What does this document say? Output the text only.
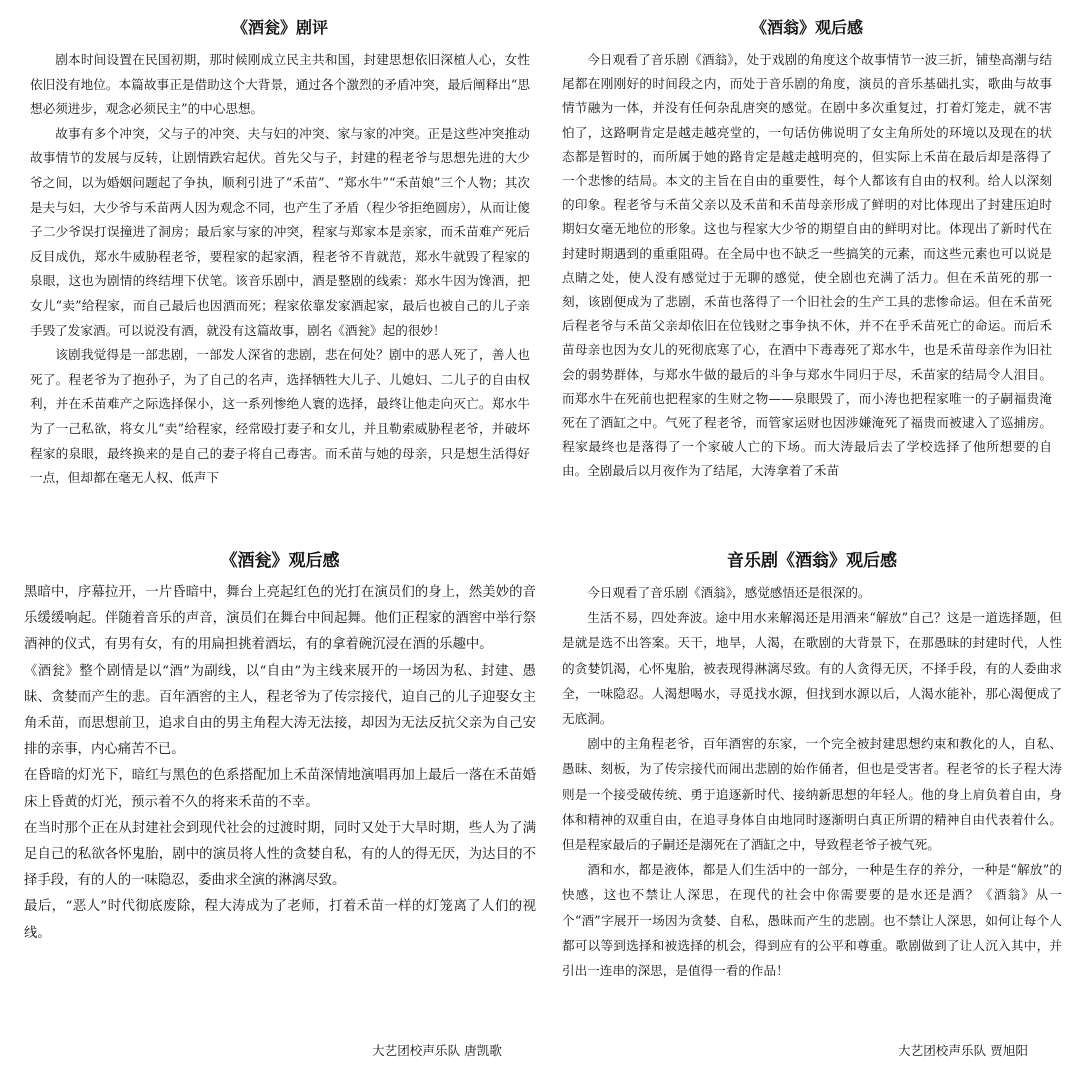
《酒瓮》剧评

剧本时间设置在民国初期，那时候刚成立民主共和国，封建思想依旧深植人心，女性依旧没有地位。本篇故事正是借助这个大背景，通过各个激烈的矛盾冲突，最后阐释出“思想必须进步，观念必须民主”的中心思想。

故事有多个冲突，父与子的冲突、夫与妇的冲突、家与家的冲突。正是这些冲突推动故事情节的发展与反转，让剧情跌宕起伏。首先父与子，封建的程老爷与思想先进的大少爷之间，以为婚姻问题起了争执，顺利引进了“禾苗”、“郑水牛”“禾苗娘”三个人物；其次是夫与妇，大少爷与禾苗两人因为观念不同，也产生了矛盾（程少爷拒绝圆房），从而让傻子二少爷误打误撞进了洞房；最后家与家的冲突，程家与郑家本是亲家，而禾苗难产死后反目成仇，郑水牛威胁程老爷，要程家的起家酒，程老爷不肯就范，郑水牛就毁了程家的泉眼，这也为剧情的终结埋下伏笔。该音乐剧中，酒是整剧的线索：郑水牛因为馋酒，把女儿“卖”给程家，而自己最后也因酒而死；程家依靠发家酒起家，最后也被自己的儿子亲手毁了发家酒。可以说没有酒，就没有这篇故事，剧名《酒瓮》起的很妙！

该剧我觉得是一部悲剧，一部发人深省的悲剧，悲在何处？剧中的恶人死了，善人也死了。程老爷为了抱孙子，为了自己的名声，选择牺牲大儿子、儿媳妇、二儿子的自由权利，并在禾苗难产之际选择保小，这一系列惨绝人寰的选择，最终让他走向灭亡。郑水牛为了一己私欲，将女儿“卖”给程家，经常殴打妻子和女儿，并且勒索威胁程老爷，并破坏程家的泉眼，最终换来的是自己的妻子将自己毒害。而禾苗与她的母亲，只是想生活得好一点，但却都在毫无人权、低声下

《酒翁》观后感

今日观看了音乐剧《酒翁》，处于戏剧的角度这个故事情节一波三折，铺垫高潮与结尾都在刚刚好的时间段之内，而处于音乐剧的角度，演员的音乐基础扎实，歌曲与故事情节融为一体，并没有任何杂乱唐突的感觉。在剧中多次重复过，打着灯笼走，就不害怕了，这路啊肯定是越走越亮堂的，一句话仿佛说明了女主角所处的环境以及现在的状态都是暂时的，而所属于她的路肯定是越走越明亮的，但实际上禾苗在最后却是落得了一个悲惨的结局。本文的主旨在自由的重要性，每个人都该有自由的权利。给人以深刻的印象。程老爷与禾苗父亲以及禾苗和禾苗母亲形成了鲜明的对比体现出了封建压迫时期妇女毫无地位的形象。这也与程家大少爷的期望自由的鲜明对比。体现出了新时代在封建时期遇到的重重阻碍。在全局中也不缺乏一些搞笑的元素，而这些元素也可以说是点睛之处，使人没有感觉过于无聊的感觉，使全剧也充满了活力。但在禾苗死的那一刻，该剧便成为了悲剧，禾苗也落得了一个旧社会的生产工具的悲惨命运。但在禾苗死后程老爷与禾苗父亲却依旧在位钱财之事争执不休，并不在乎禾苗死亡的命运。而后禾苗母亲也因为女儿的死彻底寒了心，在酒中下毒毒死了郑水牛，也是禾苗母亲作为旧社会的弱势群体，与郑水牛做的最后的斗争与郑水牛同归于尽，禾苗家的结局令人泪目。而郑水牛在死前也把程家的生财之物——泉眼毁了，而小涛也把程家唯一的子嗣福贵淹死在了酒缸之中。气死了程老爷，而管家运财也因涉嫌淹死了福贵而被逮入了巡捕房。程家最终也是落得了一个家破人亡的下场。而大涛最后去了学校选择了他所想要的自由。全剧最后以月夜作为了结尾，大涛拿着了禾苗

《酒瓮》观后感

黑暗中，序幕拉开，一片昏暗中，舞台上亮起红色的光打在演员们的身上，然美妙的音乐缓缓响起。伴随着音乐的声音，演员们在舞台中间起舞。他们正程家的酒窖中举行祭酒神的仪式，有男有女，有的用扁担挑着酒坛，有的拿着碗沉浸在酒的乐趣中。

《酒瓮》整个剧情是以“酒”为副线，以“自由”为主线来展开的一场因为私、封建、愚昧、贪婪而产生的悲。百年酒窖的主人，程老爷为了传宗接代，迫自己的儿子迎娶女主角禾苗，而思想前卫，追求自由的男主角程大涛无法接，却因为无法反抗父亲为自己安排的亲事，内心痛苦不已。

在昏暗的灯光下，暗红与黑色的色系搭配加上禾苗深情地演唱再加上最后一落在禾苗婚床上昏黄的灯光，预示着不久的将来禾苗的不幸。

在当时那个正在从封建社会到现代社会的过渡时期，同时又处于大旱时期，些人为了满足自己的私欲各怀鬼胎，剧中的演员将人性的贪婪自私，有的人的得无厌，为达目的不择手段，有的人的一味隐忍，委曲求全演的淋漓尽致。

最后，“恶人”时代彻底废除，程大涛成为了老师，打着禾苗一样的灯笼离了人们的视线。

大艺团校声乐队 唐凯歌
音乐剧《酒翁》观后感

今日观看了音乐剧《酒翁》，感觉感悟还是很深的。

生活不易，四处奔波。途中用水来解渴还是用酒来“解放”自己？这是一道选择题，但是就是选不出答案。天干，地旱，人渴，在歌剧的大背景下，在那愚昧的封建时代，人性的贪婪饥渴，心怀鬼胎，被表现得淋漓尽致。有的人贪得无厌，不择手段，有的人委曲求全，一味隐忍。人渴想喝水，寻觅找水源，但找到水源以后，人渴水能补，那心渴便成了无底洞。

剧中的主角程老爷，百年酒窖的东家，一个完全被封建思想约束和教化的人，自私、愚昧、刻板，为了传宗接代而闹出悲剧的始作俑者，但也是受害者。程老爷的长子程大涛则是一个接受破传统、勇于追逐新时代、接纳新思想的年轻人。他的身上肩负着自由，身体和精神的双重自由，在追寻身体自由地同时逐渐明白真正所谓的精神自由代表着什么。但是程家最后的子嗣还是溺死在了酒缸之中，导致程老爷子被气死。

酒和水，都是液体，都是人们生活中的一部分，一种是生存的养分，一种是“解放”的快感，这也不禁让人深思，在现代的社会中你需要要的是水还是酒？《酒翁》从一个“酒”字展开一场因为贪婪、自私，愚昧而产生的悲剧。也不禁让人深思，如何让每个人都可以等到选择和被选择的机会，得到应有的公平和尊重。歌剧做到了让人沉入其中，并引出一连串的深思，是值得一看的作品！

大艺团校声乐队 贾旭阳
